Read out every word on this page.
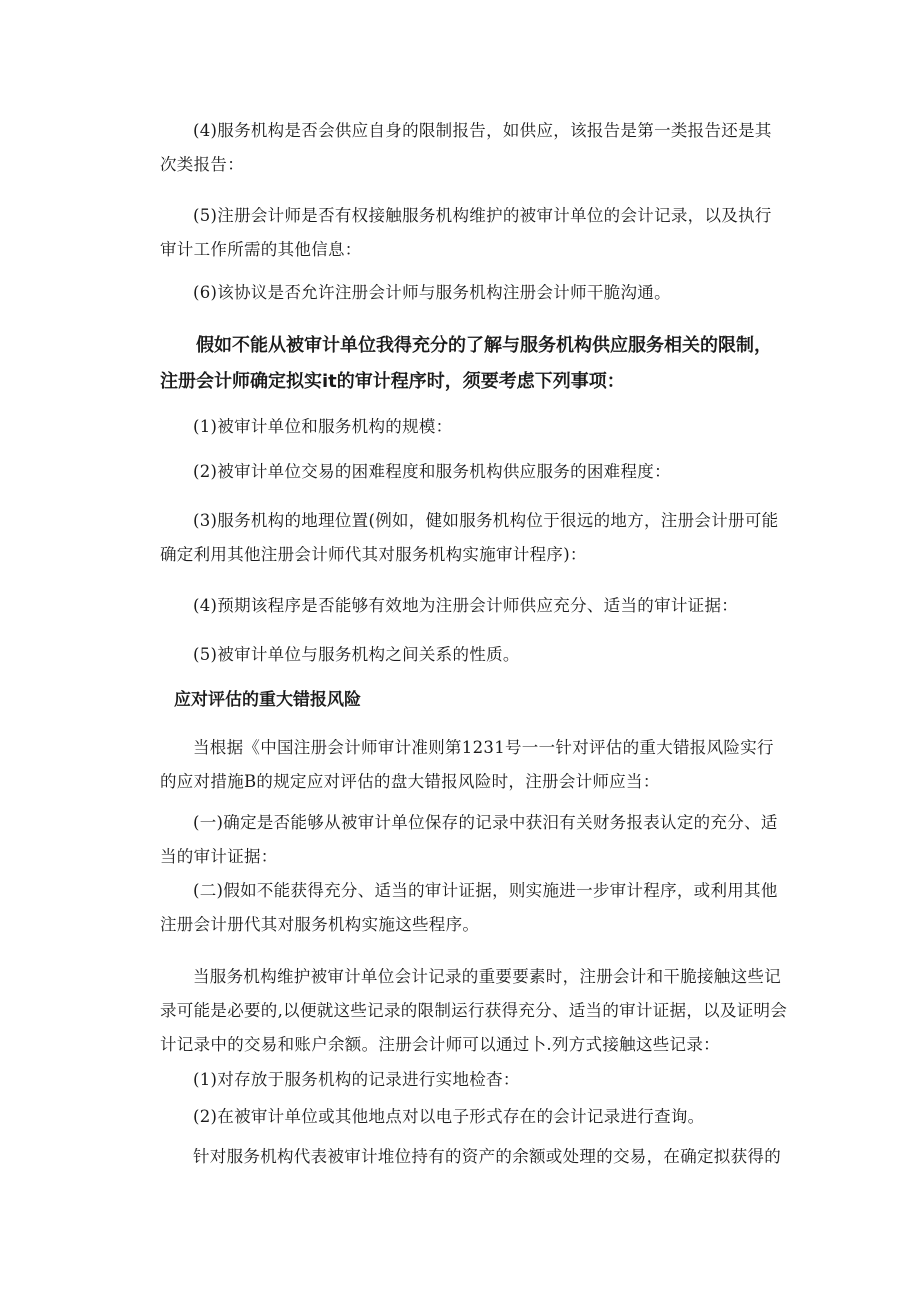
(4)服务机构是否会供应自身的限制报告，如供应，该报告是第一类报告还是其次类报告：

(5)注册会计师是否有权接触服务机构维护的被审计单位的会计记录，以及执行审计工作所需的其他信息：

(6)该协议是否允许注册会计师与服务机构注册会计师干脆沟通。

假如不能从被审计单位我得充分的了解与服务机构供应服务相关的限制，注册会计师确定拟实it的审计程序时，须要考虑下列事项：

(1)被审计单位和服务机构的规模：

(2)被审计单位交易的困难程度和服务机构供应服务的困难程度：

(3)服务机构的地理位置(例如，健如服务机构位于很远的地方，注册会计册可能确定利用其他注册会计师代其对服务机构实施审计程序)：

(4)预期该程序是否能够有效地为注册会计师供应充分、适当的审计证据：

(5)被审计单位与服务机构之间关系的性质。

应对评估的重大错报风险

当根据《中国注册会计师审计准则第1231号一一针对评估的重大错报风险实行的应对措施B的规定应对评估的盘大错报风险时，注册会计师应当：

(一)确定是否能够从被审计单位保存的记录中获汨有关财务报表认定的充分、适当的审计证据：

(二)假如不能获得充分、适当的审计证据，则实施进一步审计程序，或利用其他注册会计册代其对服务机构实施这些程序。

当服务机构维护被审计单位会计记录的重要要素时，注册会计和干脆接触这些记录可能是必要的,以便就这些记录的限制运行获得充分、适当的审计证据，以及证明会计记录中的交易和账户余额。注册会计师可以通过卜.列方式接触这些记录：

(1)对存放于服务机构的记录进行实地检杳：

(2)在被审计单位或其他地点对以电子形式存在的会计记录进行查询。

针对服务机构代表被审计堆位持有的资产的余额或处理的交易，在确定拟获得的
